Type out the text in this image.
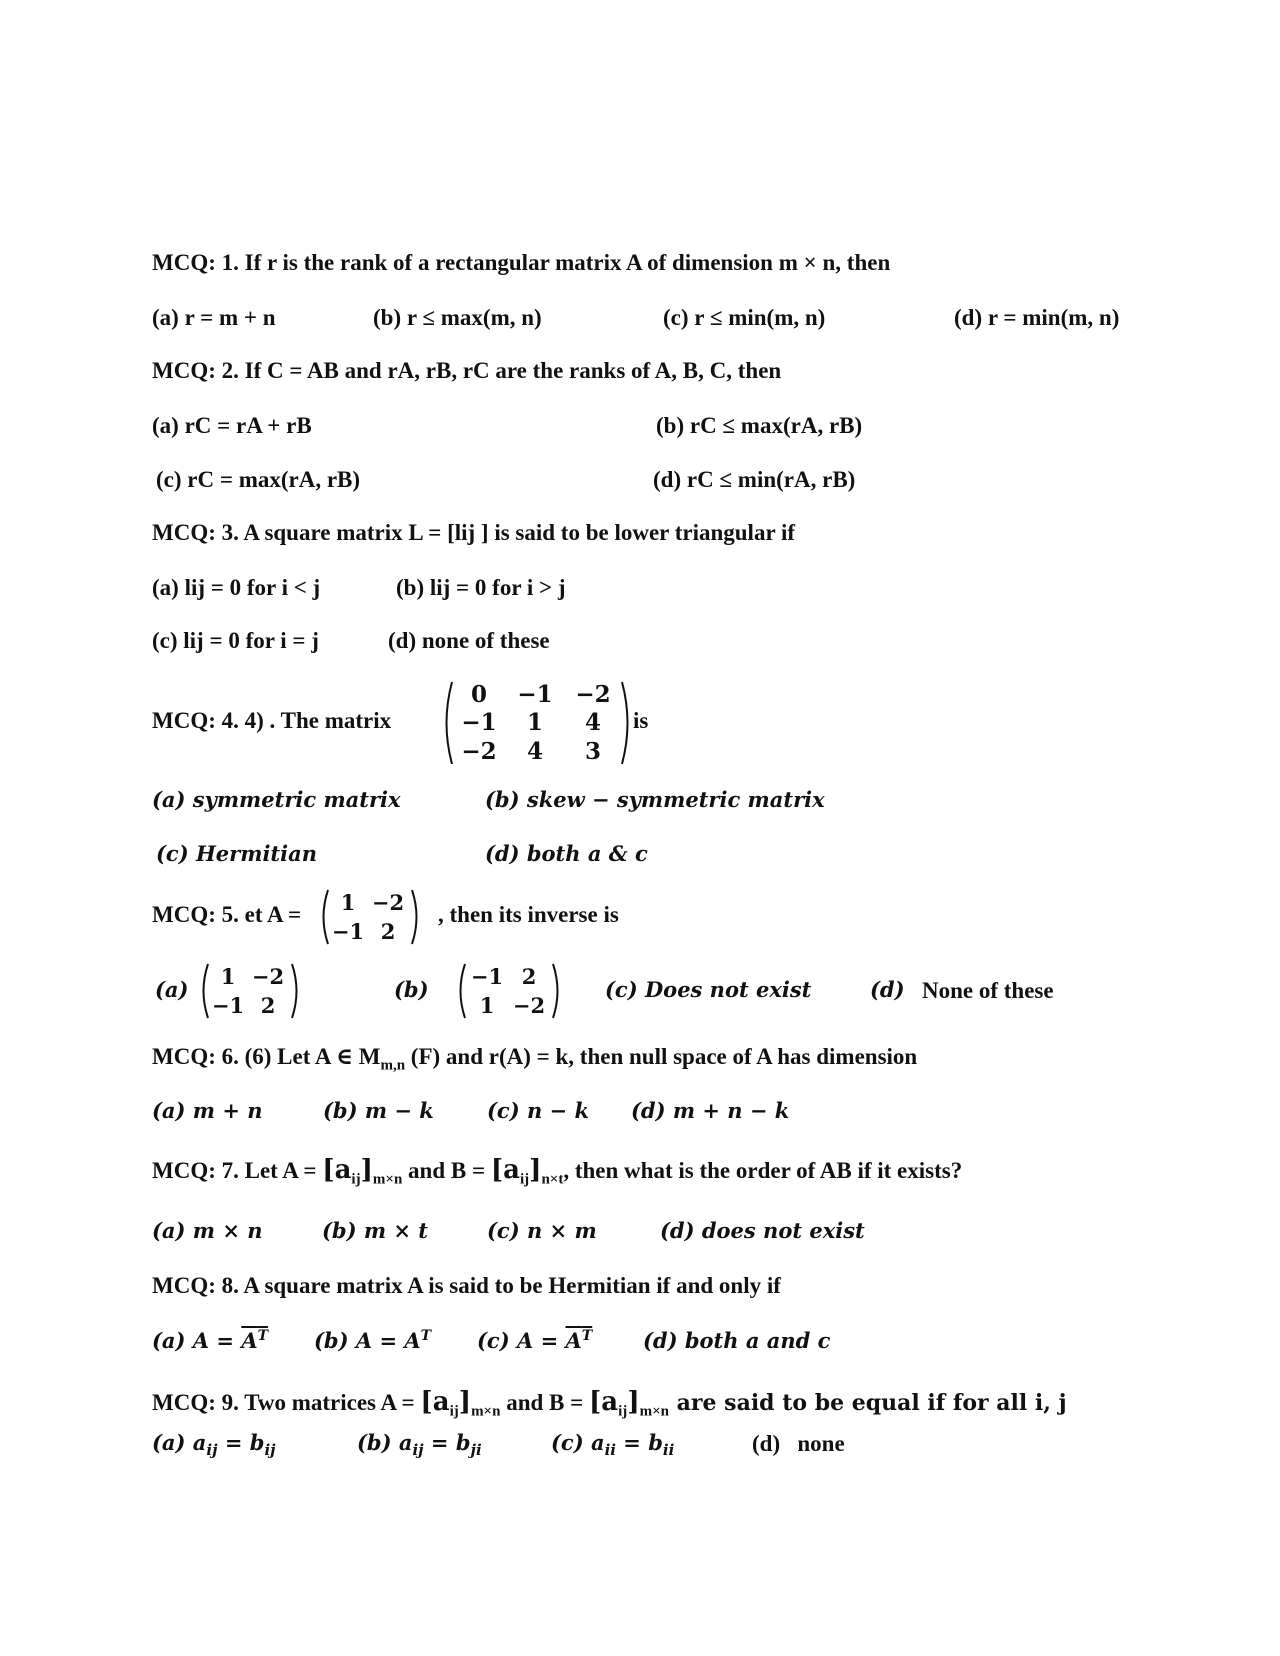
MCQ: 1. If r is the rank of a rectangular matrix A of dimension m × n, then
(a) r = m + n	(b) r ≤ max(m, n)	(c) r ≤ min(m, n)	(d) r = min(m, n)
MCQ: 2. If C = AB and rA, rB, rC are the ranks of A, B, C, then
(a) rC = rA + rB	(b) rC ≤ max(rA, rB)
(c) rC = max(rA, rB)	(d) rC ≤ min(rA, rB)
MCQ: 3. A square matrix L = [lij ] is said to be lower triangular if
(a) lij = 0 for i < j	(b) lij = 0 for i > j
(c) lij = 0 for i = j	(d) none of these
MCQ: 4. 4) . The matrix
0 −1 −2
−1 1 4
−2 4 3
is
(a) symmetric matrix	(b) skew − symmetric matrix
(c) Hermitian	(d) both a & c
MCQ: 5. et A = 1 −2
−1 2
, then its inverse is
(a)
1 −2
−1 2
(b)
−1 2
1 −2
(c) Does not exist	(d) None of these
MCQ: 6. (6) Let A ∈ $M_{m,n}$ (F) and r(A) = k, then null space of A has dimension
(a) m + n	(b) m − k	(c) n − k (d) m + n − k
MCQ: 7. Let $A = [a_{ij}]_{m\times n}$ and $B = [a_{ij}]_{n\times t}$, then what is the order of AB if it exists?
(a) m × n	(b) m × t	(c) n × m	(d) does not exist
MCQ: 8. A square matrix A is said to be Hermitian if and only if
(a) $A = A^T$ (b) $A = A^T$ (c) $A = A^T$ (d) both a and c
MCQ: 9. Two matrices $A = [a_{ij}]_{m\times n}$ and $B = [a_{ij}]_{m\times n}$ are said to be equal if for all i, j
(a) $a_{ij} = b_{ij}$	(b) $a_{ij} = b_{ji}$	(c) $a_{ii} = b_{ii}$	(d) none
